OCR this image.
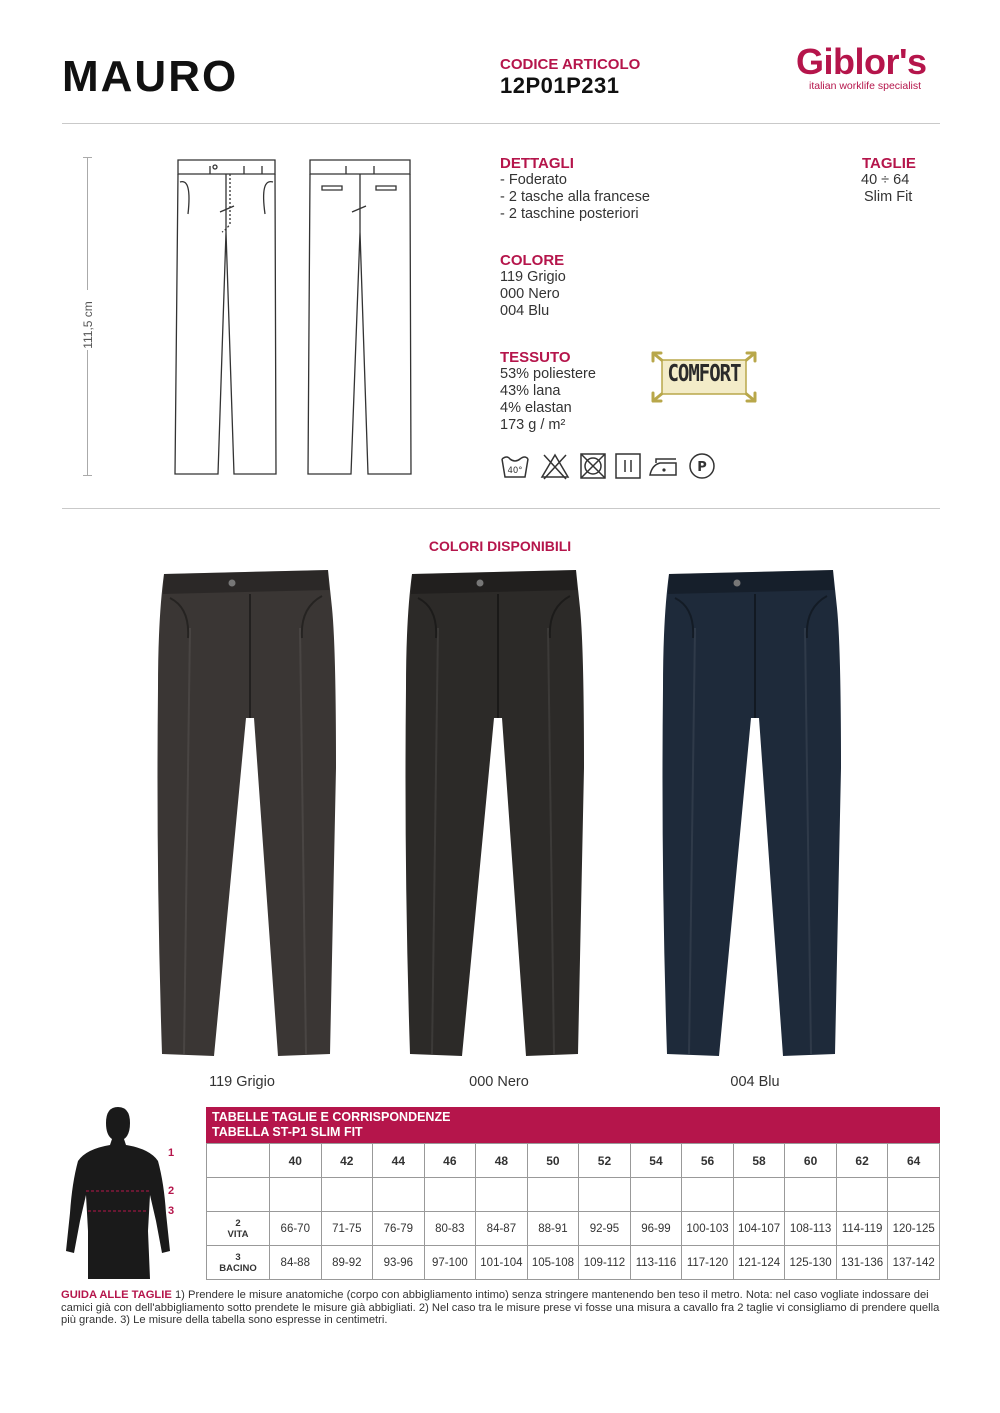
MAURO	CODICE ARTICOLO
12P01P231
Giblor's
italian worklife specialist
111,5 cm
DETTAGLI
- Foderato
- 2 tasche alla francese
- 2 taschine posteriori
TAGLIE
40 ÷ 64
Slim Fit
COLORE
119 Grigio
000 Nero
004 Blu
TESSUTO
53% poliestere
43% lana
4% elastan
173 g / m²
COMFORT
40°	P
COLORI DISPONIBILI
119 Grigio	000 Nero	004 Blu
1
2
3
TABELLE TAGLIE E CORRISPONDENZE
TABELLA ST-P1 SLIM FIT
	40	42	44	46	48	50	52	54	56	58	60	62	64

2
VITA	66-70	71-75	76-79	80-83	84-87	88-91	92-95	96-99	100-103	104-107	108-113	114-119	120-125

3
BACINO	84-88	89-92	93-96	97-100	101-104	105-108	109-112	113-116	117-120	121-124	125-130	131-136	137-142
GUIDA ALLE TAGLIE 1) Prendere le misure anatomiche (corpo con abbigliamento intimo) senza stringere mantenendo ben teso il metro. Nota: nel caso vogliate indossare dei camici già con dell'abbigliamento sotto prendete le misure già abbigliati. 2) Nel caso tra le misure prese vi fosse una misura a cavallo fra 2 taglie vi consigliamo di prendere quella più grande. 3) Le misure della tabella sono espresse in centimetri.
